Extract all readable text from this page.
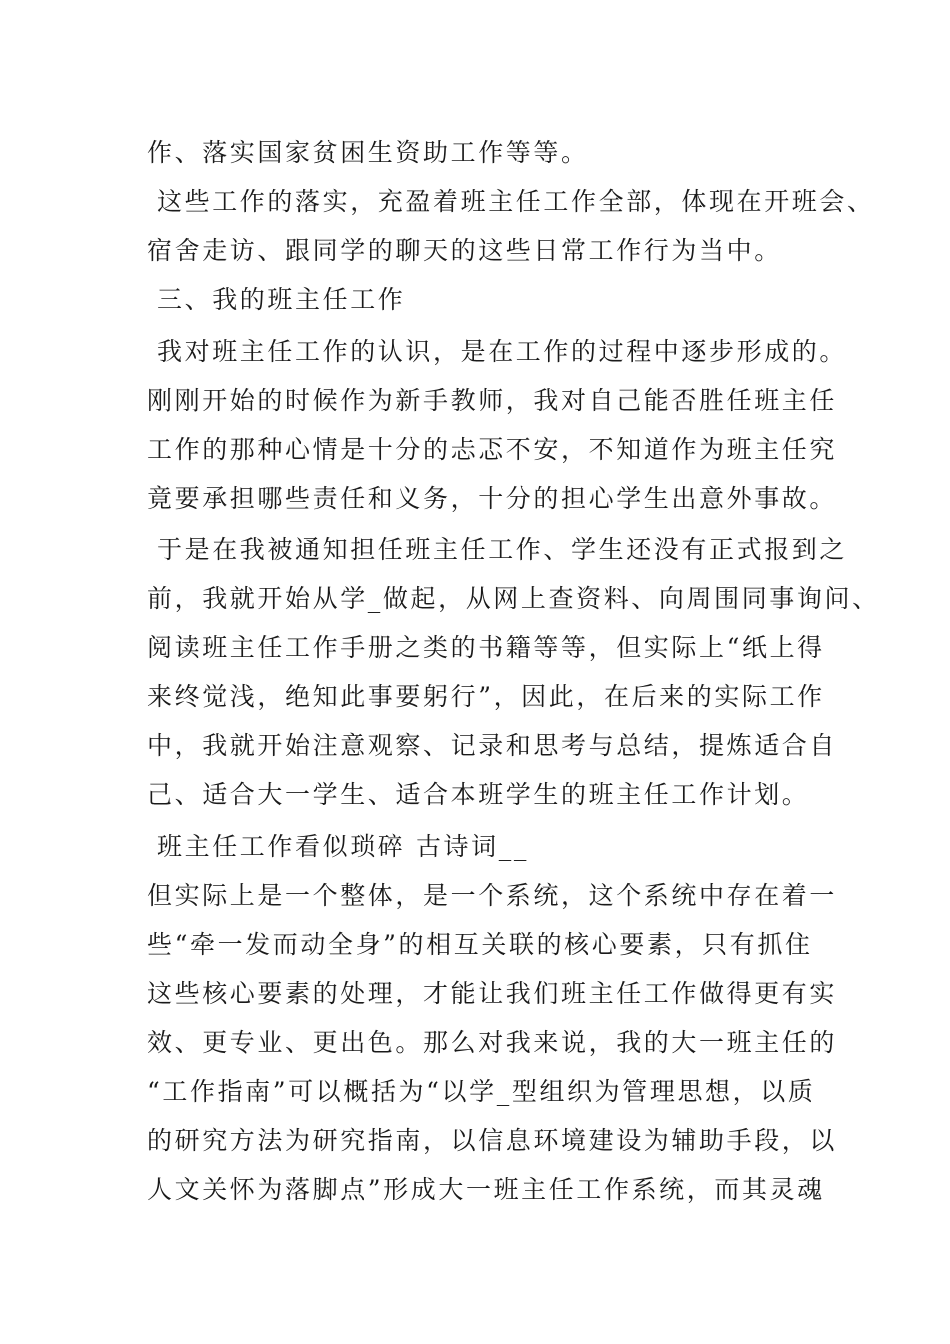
作、落实国家贫困生资助工作等等。
这些工作的落实，充盈着班主任工作全部，体现在开班会、
宿舍走访、跟同学的聊天的这些日常工作行为当中。
三、我的班主任工作
我对班主任工作的认识，是在工作的过程中逐步形成的。
刚刚开始的时候作为新手教师，我对自己能否胜任班主任
工作的那种心情是十分的忐忑不安，不知道作为班主任究
竟要承担哪些责任和义务，十分的担心学生出意外事故。
于是在我被通知担任班主任工作、学生还没有正式报到之
前，我就开始从学_做起，从网上查资料、向周围同事询问、
阅读班主任工作手册之类的书籍等等，但实际上“纸上得
来终觉浅，绝知此事要躬行”，因此，在后来的实际工作
中，我就开始注意观察、记录和思考与总结，提炼适合自
己、适合大一学生、适合本班学生的班主任工作计划。
班主任工作看似琐碎 古诗词__
但实际上是一个整体，是一个系统，这个系统中存在着一
些“牵一发而动全身”的相互关联的核心要素，只有抓住
这些核心要素的处理，才能让我们班主任工作做得更有实
效、更专业、更出色。那么对我来说，我的大一班主任的
“工作指南”可以概括为“以学_型组织为管理思想，以质
的研究方法为研究指南，以信息环境建设为辅助手段，以
人文关怀为落脚点”形成大一班主任工作系统，而其灵魂
